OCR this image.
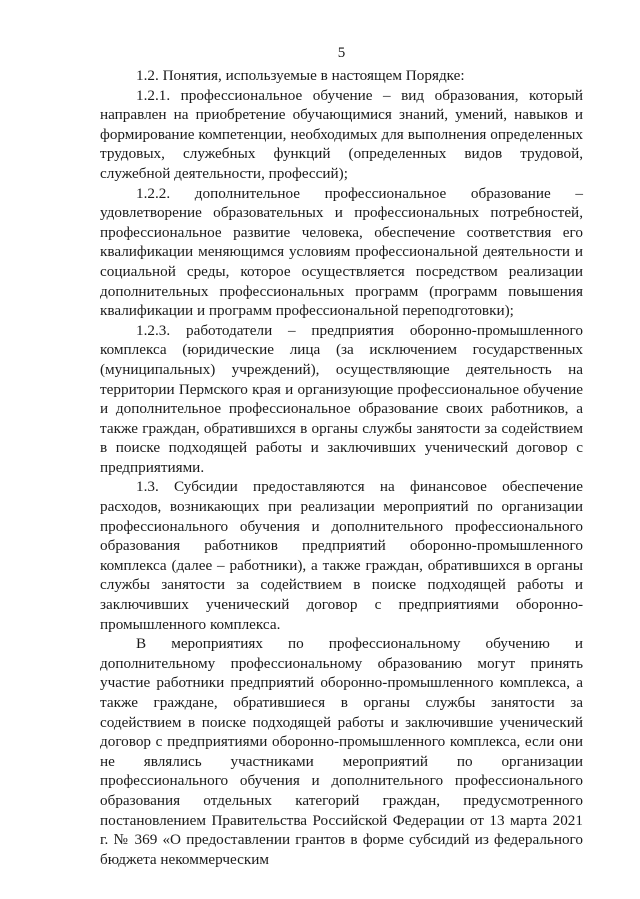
5

1.2. Понятия, используемые в настоящем Порядке:

1.2.1. профессиональное обучение – вид образования, который направлен на приобретение обучающимися знаний, умений, навыков и формирование компетенции, необходимых для выполнения определенных трудовых, служебных функций (определенных видов трудовой, служебной деятельности, профессий);

1.2.2. дополнительное профессиональное образование – удовлетворение образовательных и профессиональных потребностей, профессиональное развитие человека, обеспечение соответствия его квалификации меняющимся условиям профессиональной деятельности и социальной среды, которое осуществляется посредством реализации дополнительных профессиональных программ (программ повышения квалификации и программ профессиональной переподготовки);

1.2.3. работодатели – предприятия оборонно-промышленного комплекса (юридические лица (за исключением государственных (муниципальных) учреждений), осуществляющие деятельность на территории Пермского края и организующие профессиональное обучение и дополнительное профессиональное образование своих работников, а также граждан, обратившихся в органы службы занятости за содействием в поиске подходящей работы и заключивших ученический договор с предприятиями.

1.3. Субсидии предоставляются на финансовое обеспечение расходов, возникающих при реализации мероприятий по организации профессионального обучения и дополнительного профессионального образования работников предприятий оборонно-промышленного комплекса (далее – работники), а также граждан, обратившихся в органы службы занятости за содействием в поиске подходящей работы и заключивших ученический договор с предприятиями оборонно-промышленного комплекса.

В мероприятиях по профессиональному обучению и дополнительному профессиональному образованию могут принять участие работники предприятий оборонно-промышленного комплекса, а также граждане, обратившиеся в органы службы занятости за содействием в поиске подходящей работы и заключившие ученический договор с предприятиями оборонно-промышленного комплекса, если они не являлись участниками мероприятий по организации профессионального обучения и дополнительного профессионального образования отдельных категорий граждан, предусмотренного постановлением Правительства Российской Федерации от 13 марта 2021 г. № 369 «О предоставлении грантов в форме субсидий из федерального бюджета некоммерческим
